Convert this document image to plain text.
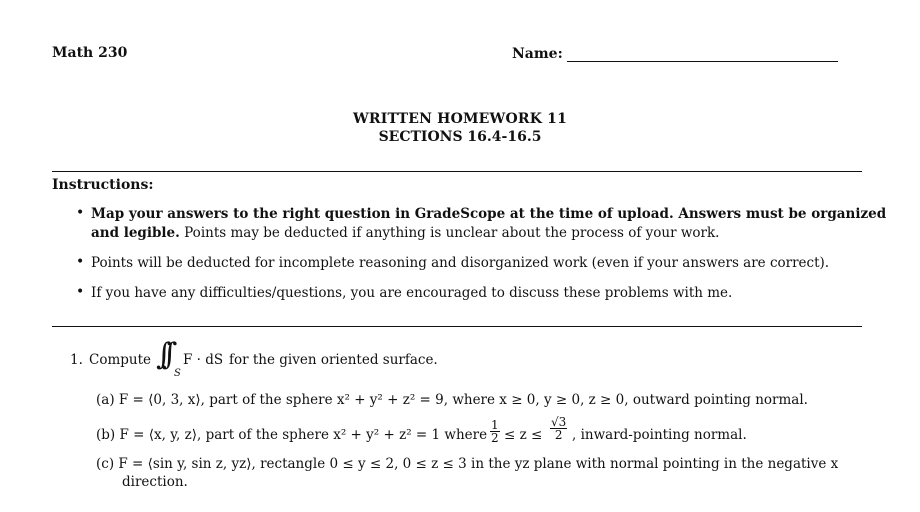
Math 230	Name:
WRITTEN HOMEWORK 11
SECTIONS 16.4-16.5
Instructions:
• Map your answers to the right question in GradeScope at the time of upload. Answers must be organized
and legible. Points may be deducted if anything is unclear about the process of your work.
• Points will be deducted for incomplete reasoning and disorganized work (even if your answers are correct).
• If you have any difficulties/questions, you are encouraged to discuss these problems with me.
1. Compute ∫∫
S
F · dS for the given oriented surface.
(a) F = ⟨0, 3, x⟩, part of the sphere x² + y² + z² = 9, where x ≥ 0, y ≥ 0, z ≥ 0, outward pointing normal.
(b) F = ⟨x, y, z⟩, part of the sphere x² + y² + z² = 1 where $\frac{1}{2} \le z \le \frac{√3}{2}$ , inward-pointing normal.
(c) F = ⟨sin y, sin z, yz⟩, rectangle 0 ≤ y ≤ 2, 0 ≤ z ≤ 3 in the yz plane with normal pointing in the negative x
direction.
